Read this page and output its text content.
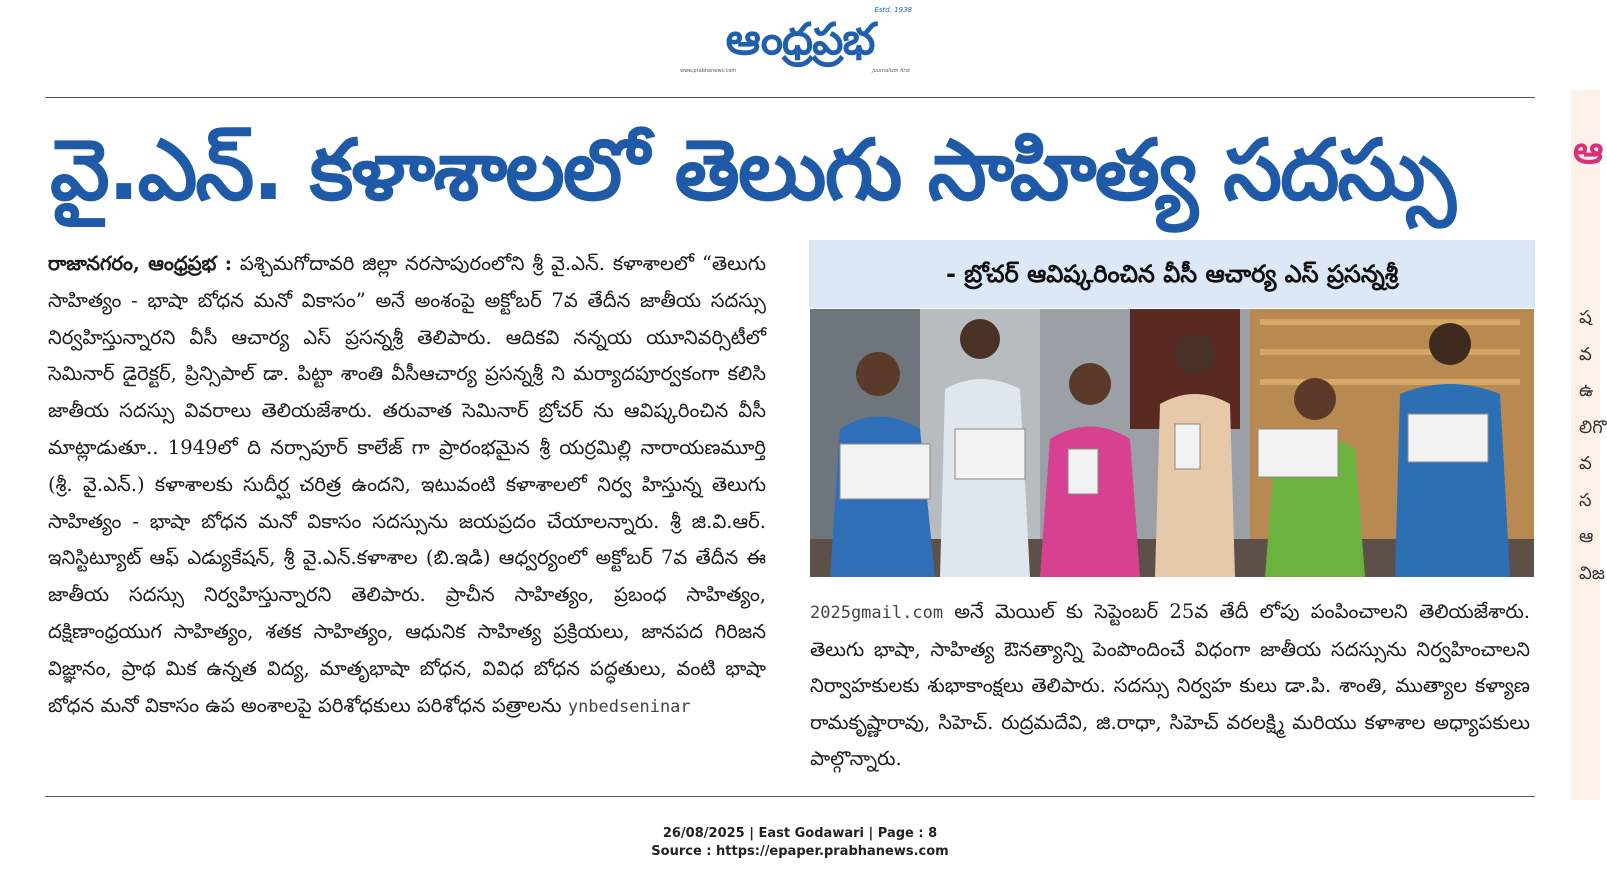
Estd. 1938
ఆంధ్రప్రభ
www.prabhanews.com	Journalism first
వై.ఎన్. కళాశాలలో తెలుగు సాహిత్య సదస్సు
రాజానగరం, ఆంధ్రప్రభ : పశ్చిమగోదావరి జిల్లా నరసాపురంలోని శ్రీ వై.ఎన్. కళాశాలలో “తెలుగు సాహిత్యం - భాషా బోధన మనో వికాసం” అనే అంశంపై అక్టోబర్ 7వ తేదీన జాతీయ సదస్సు నిర్వహిస్తున్నారని వీసీ ఆచార్య ఎస్ ప్రసన్నశ్రీ తెలిపారు. ఆదికవి నన్నయ యూనివర్సిటీలో సెమినార్ డైరెక్టర్, ప్రిన్సిపాల్ డా. పిట్టా శాంతి వీసీఆచార్య ప్రసన్నశ్రీ ని మర్యాదపూర్వకంగా కలిసి జాతీయ సదస్సు వివరాలు తెలియజేశారు. తరువాత సెమినార్ బ్రోచర్ ను ఆవిష్కరించిన వీసీ మాట్లాడుతూ.. 1949లో ది నర్సాపూర్ కాలేజ్ గా ప్రారంభమైన శ్రీ యర్రమిల్లి నారాయణమూర్తి (శ్రీ. వై.ఎన్.) కళాశాలకు సుదీర్ఘ చరిత్ర ఉందని, ఇటువంటి కళాశాలలో నిర్వ హిస్తున్న తెలుగు సాహిత్యం - భాషా బోధన మనో వికాసం సదస్సును జయప్రదం చేయాలన్నారు. శ్రీ జి.వి.ఆర్. ఇనిస్టిట్యూట్ ఆఫ్ ఎడ్యుకేషన్, శ్రీ వై.ఎన్.కళాశాల (బి.ఇడి) ఆధ్వర్యంలో అక్టోబర్ 7వ తేదీన ఈ జాతీయ సదస్సు నిర్వహిస్తున్నారని తెలిపారు. ప్రాచీన సాహిత్యం, ప్రబంధ సాహిత్యం, దక్షిణాంధ్రయుగ సాహిత్యం, శతక సాహిత్యం, ఆధునిక సాహిత్య ప్రక్రియలు, జానపద గిరిజన విజ్ఞానం, ప్రాథ మిక ఉన్నత విద్య, మాతృభాషా బోధన, వివిధ బోధన పద్ధతులు, వంటి భాషా బోధన మనో వికాసం ఉప అంశాలపై పరిశోధకులు పరిశోధన పత్రాలను ynbedseninar
- బ్రోచర్ ఆవిష్కరించిన వీసీ ఆచార్య ఎస్ ప్రసన్నశ్రీ
2025gmail.com అనే మెయిల్ కు సెప్టెంబర్ 25వ తేదీ లోపు పంపించాలని తెలియజేశారు. తెలుగు భాషా, సాహిత్య ఔనత్యాన్ని పెంపొందించే విధంగా జాతీయ సదస్సును నిర్వహించాలని నిర్వాహకులకు శుభాకాంక్షలు తెలిపారు. సదస్సు నిర్వహ కులు డా.పి. శాంతి, ముత్యాల కళ్యాణ రామకృష్ణారావు, సిహెచ్. రుద్రమదేవి, జి.రాధా, సిహెచ్ వరలక్ష్మి మరియు కళాశాల అధ్యాపకులు పాల్గొన్నారు.
ఆ
షవఉలిగొవసఆవిజ
26/08/2025 | East Godawari | Page : 8
Source : https://epaper.prabhanews.com
